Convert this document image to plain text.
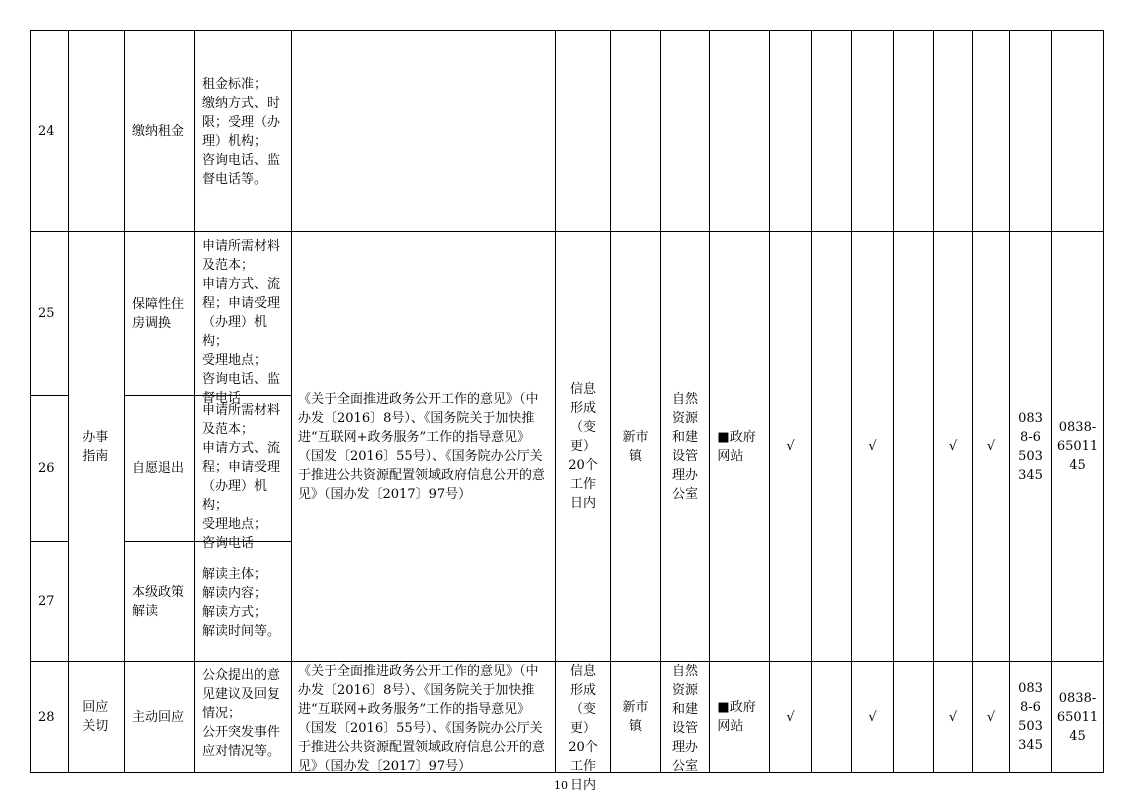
24		缴纳租金	租金标准；
缴纳方式、时限；受理（办理）机构；
咨询电话、监督电话等。													

25	办事指南	保障性住房调换	申请所需材料及范本；
申请方式、流程；申请受理（办理）机构；
受理地点；
咨询电话、监督电话	《关于全面推进政务公开工作的意见》（中办发〔2016〕8号）、《国务院关于加快推进“互联网+政务服务”工作的指导意见》（国发〔2016〕55号）、《国务院办公厅关于推进公共资源配置领域政府信息公开的意见》（国办发〔2017〕97号）	信息形成（变更）20个工作日内	新市镇	自然资源和建设管理办公室	■政府网站	√		√		√	√	0838-6503345	0838-6501145

26		自愿退出	申请所需材料及范本；
申请方式、流程；申请受理（办理）机构；
受理地点；
咨询电话													

27		本级政策解读	解读主体；
解读内容；
解读方式；
解读时间等。													

28	回应关切	主动回应	公众提出的意见建议及回复情况；
公开突发事件应对情况等。	《关于全面推进政务公开工作的意见》（中办发〔2016〕8号）、《国务院关于加快推进“互联网+政务服务”工作的指导意见》（国发〔2016〕55号）、《国务院办公厅关于推进公共资源配置领域政府信息公开的意见》（国办发〔2017〕97号）	信息形成（变更）20个工作日内	新市镇	自然资源和建设管理办公室	■政府网站	√		√		√	√	0838-6503345	0838-6501145
10
